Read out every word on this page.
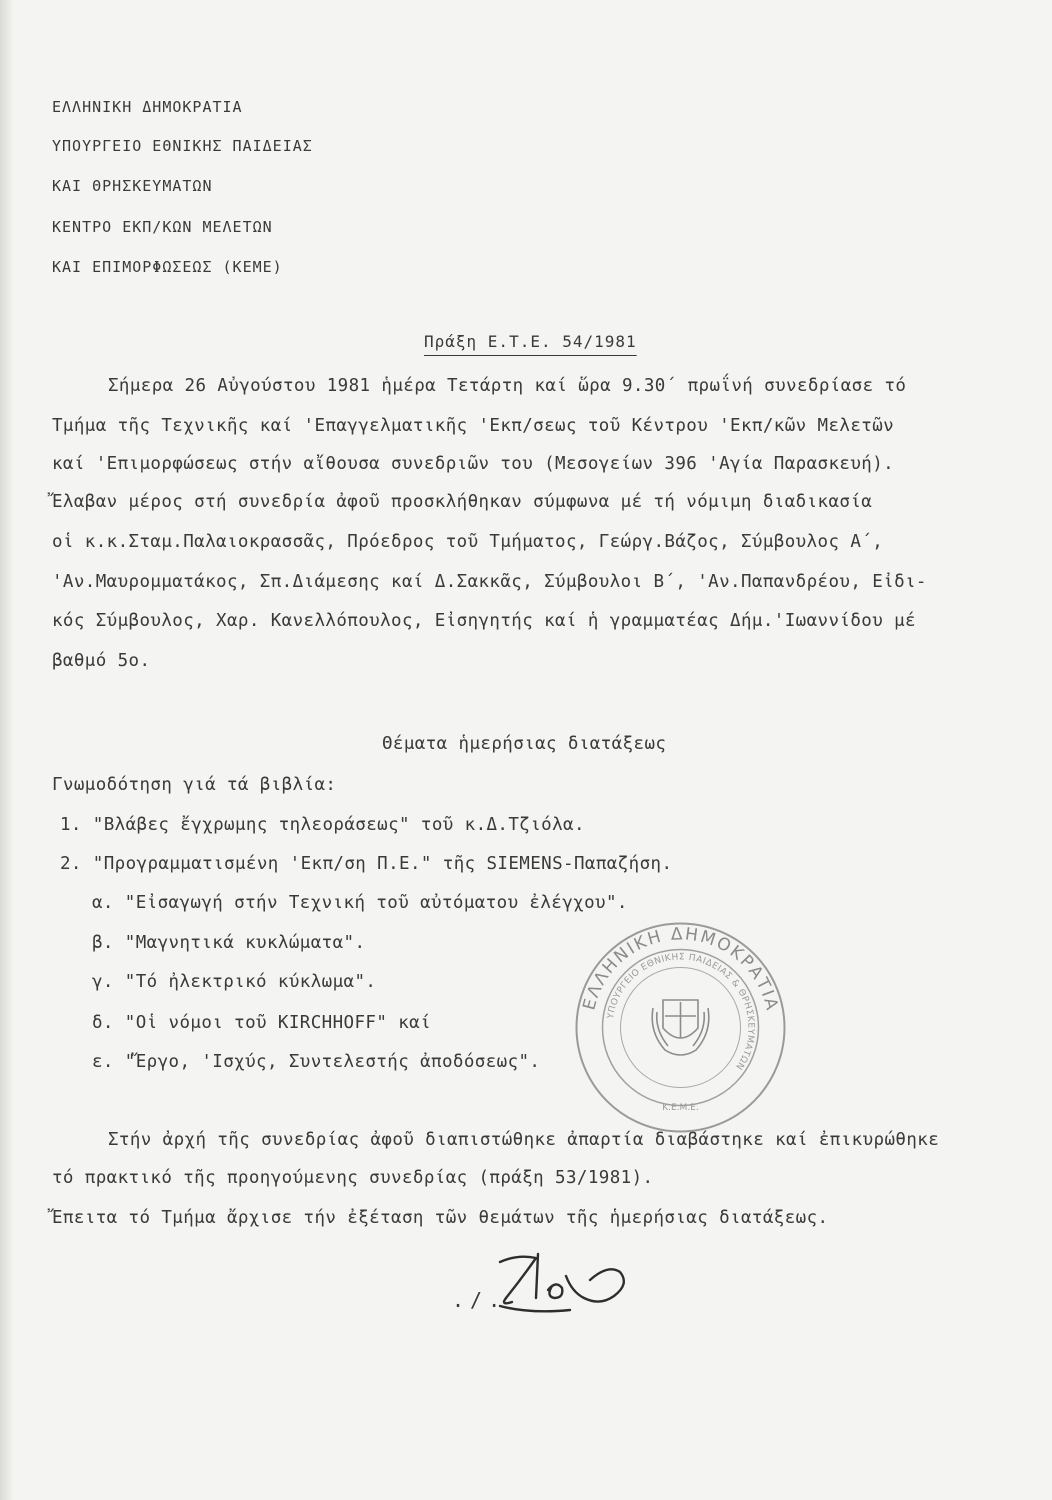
ΕΛΛΗΝΙΚΗ ΔΗΜΟΚΡΑΤΙΑ
ΥΠΟΥΡΓΕΙΟ ΕΘΝΙΚΗΣ ΠΑΙΔΕΙΑΣ
ΚΑΙ ΘΡΗΣΚΕΥΜΑΤΩΝ
ΚΕΝΤΡΟ ΕΚΠ/ΚΩΝ ΜΕΛΕΤΩΝ
ΚΑΙ ΕΠΙΜΟΡΦΩΣΕΩΣ (ΚΕΜΕ)
Πράξη Ε.Τ.Ε. 54/1981
Σήμερα 26 Αὐγούστου 1981 ἡμέρα Τετάρτη καί ὥρα 9.30΄ πρωΐνή συνεδρίασε τό
Τμήμα τῆς Τεχνικῆς καί 'Επαγγελματικῆς 'Εκπ/σεως τοῦ Κέντρου 'Εκπ/κῶν Μελετῶν
καί 'Επιμορφώσεως στήν αἴθουσα συνεδριῶν του (Μεσογείων 396 'Αγία Παρασκευή).
Ἔλαβαν μέρος στή συνεδρία ἀφοῦ προσκλήθηκαν σύμφωνα μέ τή νόμιμη διαδικασία
οἱ κ.κ.Σταμ.Παλαιοκρασσᾶς, Πρόεδρος τοῦ Τμήματος, Γεώργ.Βάζος, Σύμβουλος Α΄,
'Αν.Μαυρομματάκος, Σπ.Διάμεσης καί Δ.Σακκᾶς, Σύμβουλοι Β΄, 'Αν.Παπανδρέου, Εἰδι-
κός Σύμβουλος, Χαρ. Κανελλόπουλος, Εἰσηγητής καί ἡ γραμματέας Δήμ.'Ιωαννίδου μέ
βαθμό 5ο.
Θέματα ἡμερήσιας διατάξεως
Γνωμοδότηση γιά τά βιβλία:
1. "Βλάβες ἔγχρωμης τηλεοράσεως" τοῦ κ.Δ.Τζιόλα.
2. "Προγραμματισμένη 'Εκπ/ση Π.Ε." τῆς SIEMENS-Παπαζήση.
α. "Εἰσαγωγή στήν Τεχνική τοῦ αὐτόματου ἐλέγχου".
β. "Μαγνητικά κυκλώματα".
γ. "Τό ἠλεκτρικό κύκλωμα".
δ. "Οἱ νόμοι τοῦ KIRCHHOFF" καί
ε. "Ἔργο, 'Ισχύς, Συντελεστής ἀποδόσεως".
Στήν ἀρχή τῆς συνεδρίας ἀφοῦ διαπιστώθηκε ἀπαρτία διαβάστηκε καί ἐπικυρώθηκε
τό πρακτικό τῆς προηγούμενης συνεδρίας (πράξη 53/1981).
Ἔπειτα τό Τμήμα ἄρχισε τήν ἐξέταση τῶν θεμάτων τῆς ἡμερήσιας διατάξεως.
./.
ΕΛΛΗΝΙΚΗ ΔΗΜΟΚΡΑΤΙΑ
ΥΠΟΥΡΓΕΙΟ ΕΘΝΙΚΗΣ ΠΑΙΔΕΙΑΣ & ΘΡΗΣΚΕΥΜΑΤΩΝ
Κ.Ε.Μ.Ε.
